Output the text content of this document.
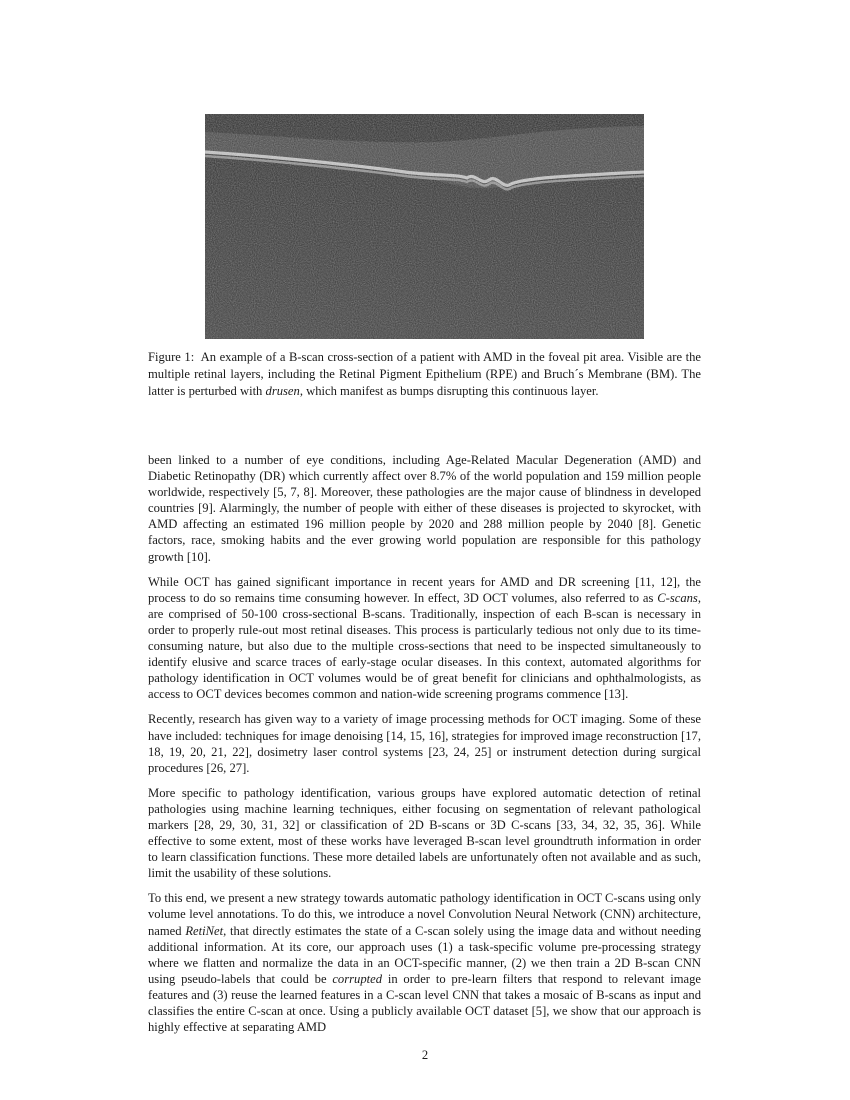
Figure 1: An example of a B-scan cross-section of a patient with AMD in the foveal pit area. Visible are the multiple retinal layers, including the Retinal Pigment Epithelium (RPE) and Bruch´s Membrane (BM). The latter is perturbed with drusen, which manifest as bumps disrupting this continuous layer.

been linked to a number of eye conditions, including Age-Related Macular Degeneration (AMD) and Diabetic Retinopathy (DR) which currently affect over 8.7% of the world population and 159 million people worldwide, respectively [5, 7, 8]. Moreover, these pathologies are the major cause of blindness in developed countries [9]. Alarmingly, the number of people with either of these diseases is projected to skyrocket, with AMD affecting an estimated 196 million people by 2020 and 288 million people by 2040 [8]. Genetic factors, race, smoking habits and the ever growing world population are responsible for this pathology growth [10].

While OCT has gained significant importance in recent years for AMD and DR screening [11, 12], the process to do so remains time consuming however. In effect, 3D OCT volumes, also referred to as C-scans, are comprised of 50-100 cross-sectional B-scans. Traditionally, inspection of each B-scan is necessary in order to properly rule-out most retinal diseases. This process is particularly tedious not only due to its time-consuming nature, but also due to the multiple cross-sections that need to be inspected simultaneously to identify elusive and scarce traces of early-stage ocular diseases. In this context, automated algorithms for pathology identification in OCT volumes would be of great benefit for clinicians and ophthalmologists, as access to OCT devices becomes common and nation-wide screening programs commence [13].

Recently, research has given way to a variety of image processing methods for OCT imaging. Some of these have included: techniques for image denoising [14, 15, 16], strategies for improved image reconstruction [17, 18, 19, 20, 21, 22], dosimetry laser control systems [23, 24, 25] or instrument detection during surgical procedures [26, 27].

More specific to pathology identification, various groups have explored automatic detection of retinal pathologies using machine learning techniques, either focusing on segmentation of relevant pathological markers [28, 29, 30, 31, 32] or classification of 2D B-scans or 3D C-scans [33, 34, 32, 35, 36]. While effective to some extent, most of these works have leveraged B-scan level groundtruth information in order to learn classification functions. These more detailed labels are unfortunately often not available and as such, limit the usability of these solutions.

To this end, we present a new strategy towards automatic pathology identification in OCT C-scans using only volume level annotations. To do this, we introduce a novel Convolution Neural Network (CNN) architecture, named RetiNet, that directly estimates the state of a C-scan solely using the image data and without needing additional information. At its core, our approach uses (1) a task-specific volume pre-processing strategy where we flatten and normalize the data in an OCT-specific manner, (2) we then train a 2D B-scan CNN using pseudo-labels that could be corrupted in order to pre-learn filters that respond to relevant image features and (3) reuse the learned features in a C-scan level CNN that takes a mosaic of B-scans as input and classifies the entire C-scan at once. Using a publicly available OCT dataset [5], we show that our approach is highly effective at separating AMD

2
